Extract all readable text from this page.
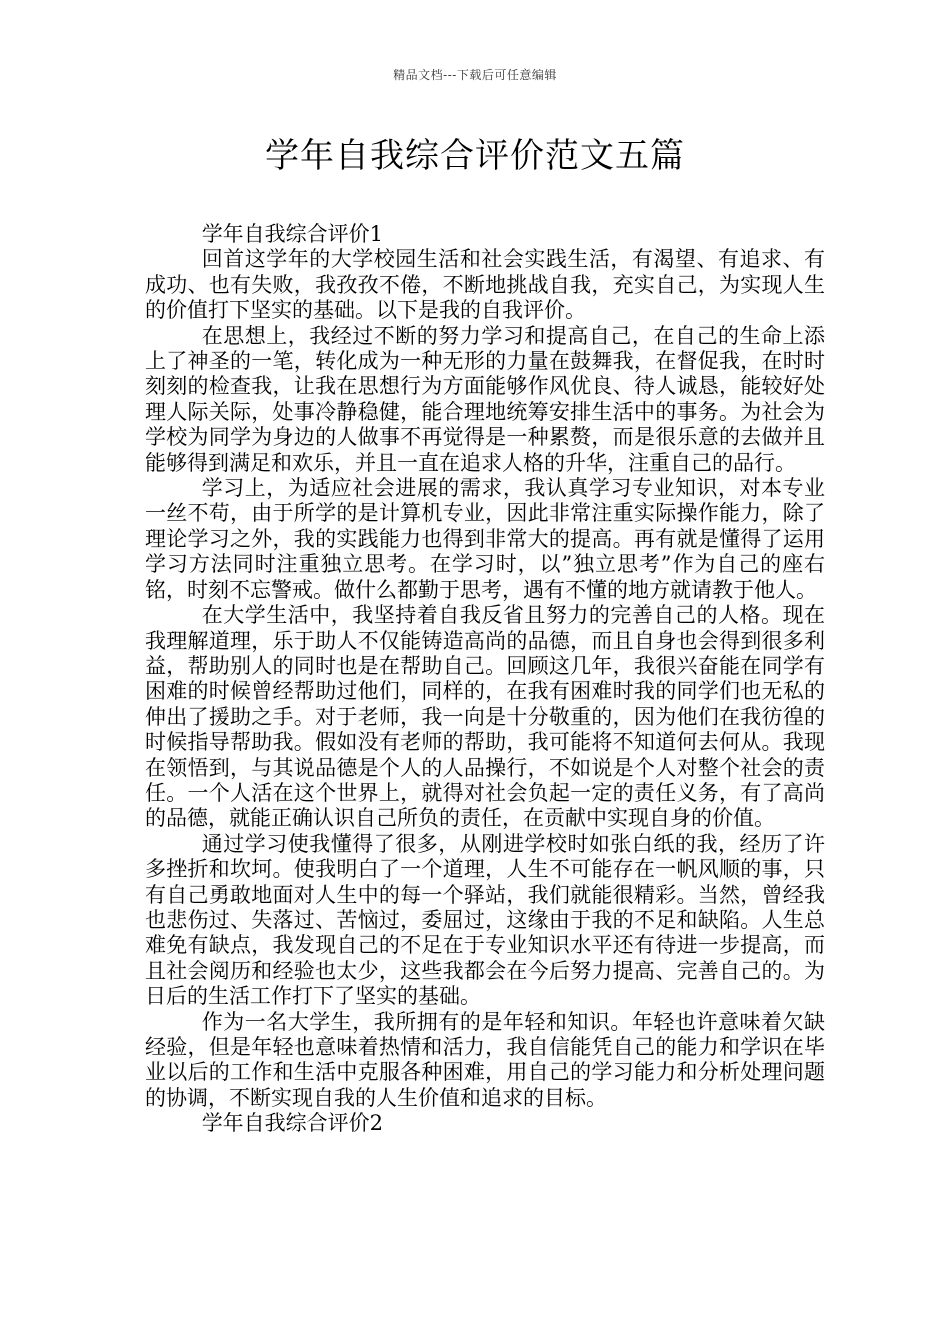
精品文档---下载后可任意编辑
学年自我综合评价范文五篇

学年自我综合评价1

回首这学年的大学校园生活和社会实践生活，有渴望、有追求、有成功、也有失败，我孜孜不倦，不断地挑战自我，充实自己，为实现人生的价值打下坚实的基础。以下是我的自我评价。

在思想上，我经过不断的努力学习和提高自己，在自己的生命上添上了神圣的一笔，转化成为一种无形的力量在鼓舞我，在督促我，在时时刻刻的检查我，让我在思想行为方面能够作风优良、待人诚恳，能较好处理人际关际，处事冷静稳健，能合理地统筹安排生活中的事务。为社会为学校为同学为身边的人做事不再觉得是一种累赘，而是很乐意的去做并且能够得到满足和欢乐，并且一直在追求人格的升华，注重自己的品行。

学习上，为适应社会进展的需求，我认真学习专业知识，对本专业一丝不苟，由于所学的是计算机专业，因此非常注重实际操作能力，除了理论学习之外，我的实践能力也得到非常大的提高。再有就是懂得了运用学习方法同时注重独立思考。在学习时，以”独立思考”作为自己的座右铭，时刻不忘警戒。做什么都勤于思考，遇有不懂的地方就请教于他人。

在大学生活中，我坚持着自我反省且努力的完善自己的人格。现在我理解道理，乐于助人不仅能铸造高尚的品德，而且自身也会得到很多利益，帮助别人的同时也是在帮助自己。回顾这几年，我很兴奋能在同学有困难的时候曾经帮助过他们，同样的，在我有困难时我的同学们也无私的伸出了援助之手。对于老师，我一向是十分敬重的，因为他们在我彷徨的时候指导帮助我。假如没有老师的帮助，我可能将不知道何去何从。我现在领悟到，与其说品德是个人的人品操行，不如说是个人对整个社会的责任。一个人活在这个世界上，就得对社会负起一定的责任义务，有了高尚的品德，就能正确认识自己所负的责任，在贡献中实现自身的价值。

通过学习使我懂得了很多，从刚进学校时如张白纸的我，经历了许多挫折和坎坷。使我明白了一个道理，人生不可能存在一帆风顺的事，只有自己勇敢地面对人生中的每一个驿站，我们就能很精彩。当然，曾经我也悲伤过、失落过、苦恼过，委屈过，这缘由于我的不足和缺陷。人生总难免有缺点，我发现自己的不足在于专业知识水平还有待进一步提高，而且社会阅历和经验也太少，这些我都会在今后努力提高、完善自己的。为日后的生活工作打下了坚实的基础。

作为一名大学生，我所拥有的是年轻和知识。年轻也许意味着欠缺经验，但是年轻也意味着热情和活力，我自信能凭自己的能力和学识在毕业以后的工作和生活中克服各种困难，用自己的学习能力和分析处理问题的协调，不断实现自我的人生价值和追求的目标。

学年自我综合评价2
